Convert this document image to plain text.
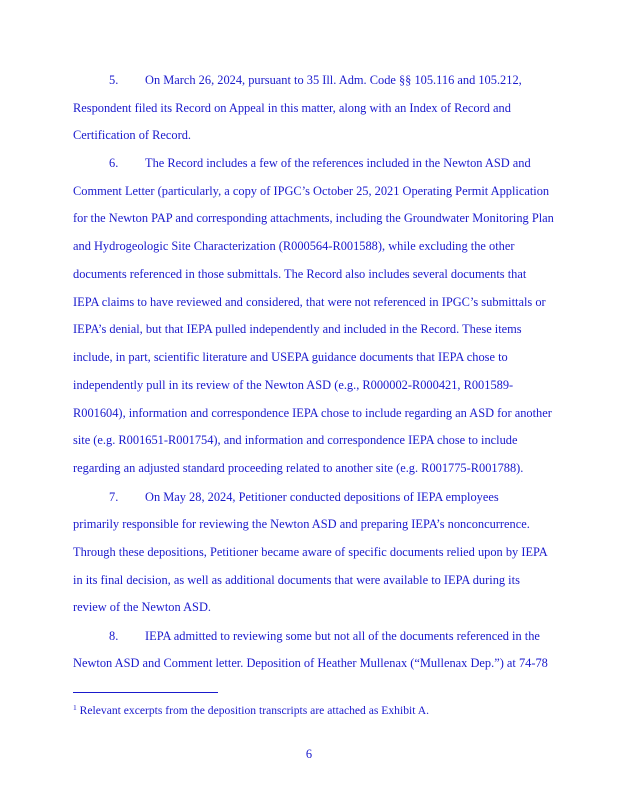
5. On March 26, 2024, pursuant to 35 Ill. Adm. Code §§ 105.116 and 105.212,
Respondent filed its Record on Appeal in this matter, along with an Index of Record and
Certification of Record.
6. The Record includes a few of the references included in the Newton ASD and
Comment Letter (particularly, a copy of IPGC’s October 25, 2021 Operating Permit Application
for the Newton PAP and corresponding attachments, including the Groundwater Monitoring Plan
and Hydrogeologic Site Characterization (R000564-R001588), while excluding the other
documents referenced in those submittals. The Record also includes several documents that
IEPA claims to have reviewed and considered, that were not referenced in IPGC’s submittals or
IEPA’s denial, but that IEPA pulled independently and included in the Record. These items
include, in part, scientific literature and USEPA guidance documents that IEPA chose to
independently pull in its review of the Newton ASD (e.g., R000002-R000421, R001589-
R001604), information and correspondence IEPA chose to include regarding an ASD for another
site (e.g. R001651-R001754), and information and correspondence IEPA chose to include
regarding an adjusted standard proceeding related to another site (e.g. R001775-R001788).
7. On May 28, 2024, Petitioner conducted depositions of IEPA employees
primarily responsible for reviewing the Newton ASD and preparing IEPA’s nonconcurrence.
Through these depositions, Petitioner became aware of specific documents relied upon by IEPA
in its final decision, as well as additional documents that were available to IEPA during its
review of the Newton ASD.
8. IEPA admitted to reviewing some but not all of the documents referenced in the
Newton ASD and Comment letter. Deposition of Heather Mullenax (“Mullenax Dep.”) at 74-78
$^1$ Relevant excerpts from the deposition transcripts are attached as Exhibit A.
6
